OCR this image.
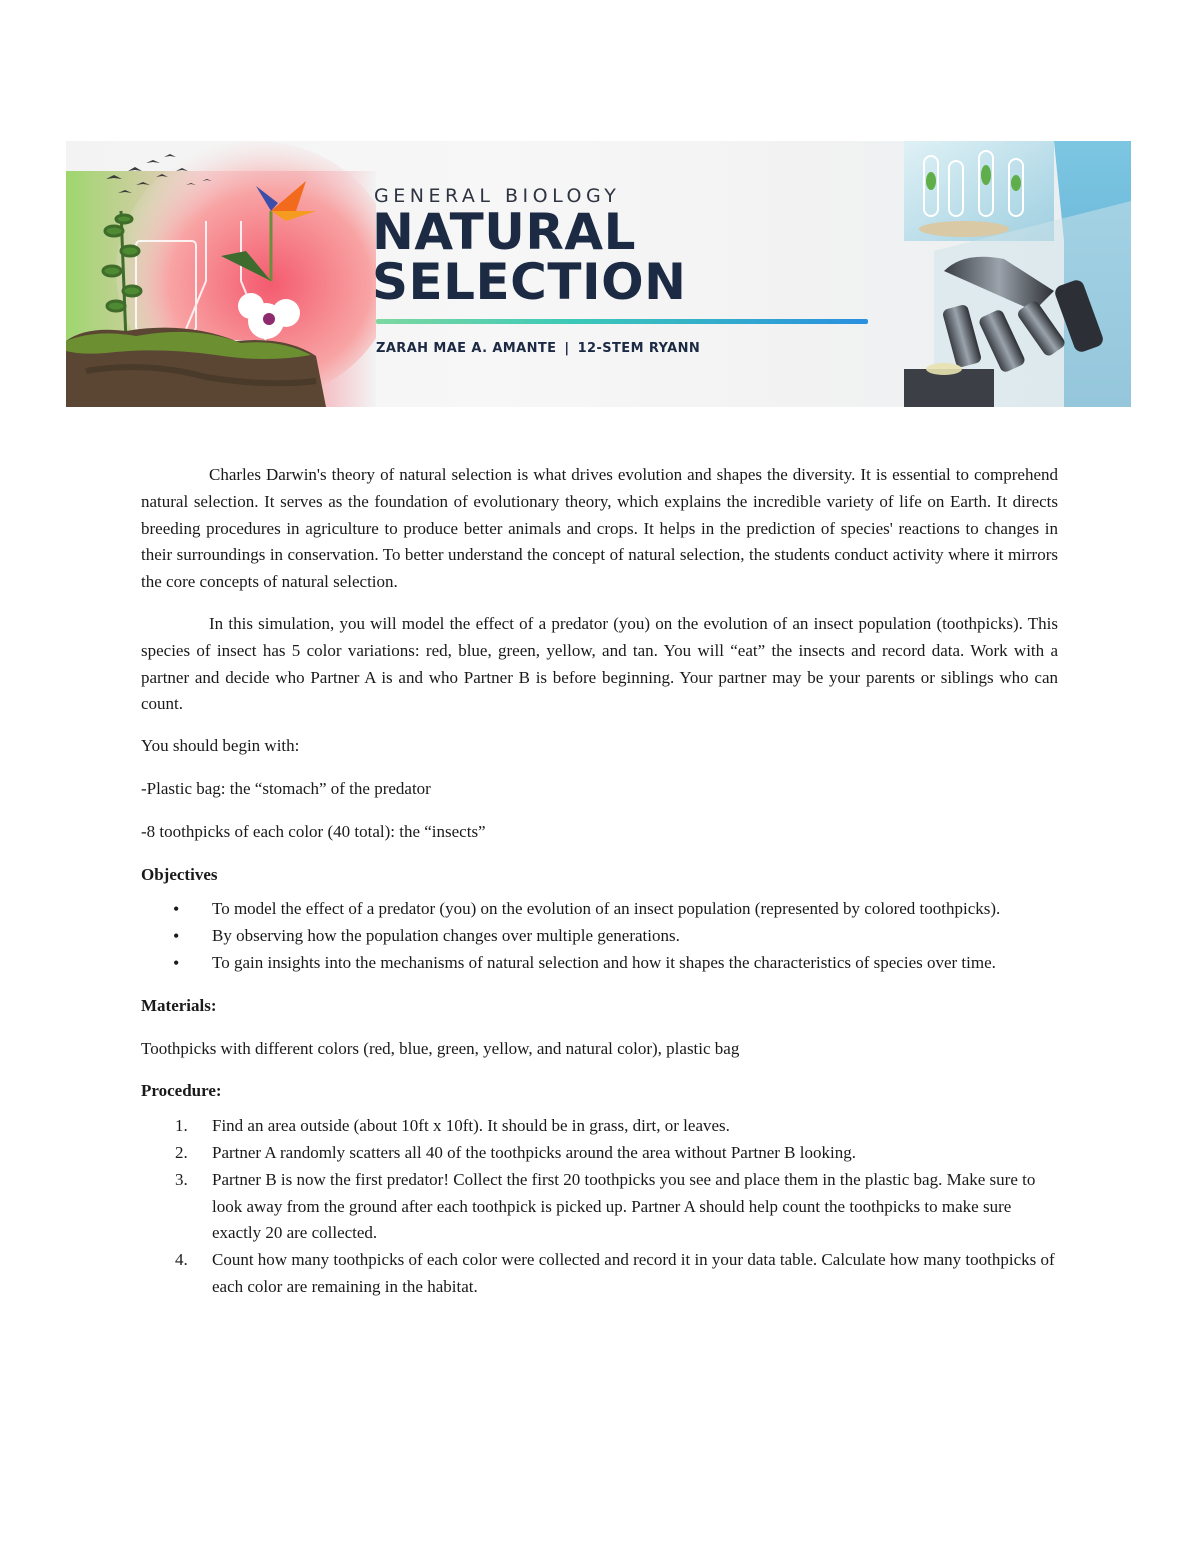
GENERAL BIOLOGY
NATURAL
SELECTION
ZARAH MAE A. AMANTE | 12-STEM RYANN

Charles Darwin's theory of natural selection is what drives evolution and shapes the diversity. It is essential to comprehend natural selection. It serves as the foundation of evolutionary theory, which explains the incredible variety of life on Earth. It directs breeding procedures in agriculture to produce better animals and crops. It helps in the prediction of species' reactions to changes in their surroundings in conservation. To better understand the concept of natural selection, the students conduct activity where it mirrors the core concepts of natural selection.

In this simulation, you will model the effect of a predator (you) on the evolution of an insect population (toothpicks). This species of insect has 5 color variations: red, blue, green, yellow, and tan. You will “eat” the insects and record data. Work with a partner and decide who Partner A is and who Partner B is before beginning. Your partner may be your parents or siblings who can count.

You should begin with:

-Plastic bag: the “stomach” of the predator

-8 toothpicks of each color (40 total): the “insects”

Objectives
• To model the effect of a predator (you) on the evolution of an insect population (represented by colored toothpicks).
• By observing how the population changes over multiple generations.
• To gain insights into the mechanisms of natural selection and how it shapes the characteristics of species over time.
Materials:

Toothpicks with different colors (red, blue, green, yellow, and natural color), plastic bag

Procedure:
1. Find an area outside (about 10ft x 10ft). It should be in grass, dirt, or leaves.
2. Partner A randomly scatters all 40 of the toothpicks around the area without Partner B looking.
3. Partner B is now the first predator! Collect the first 20 toothpicks you see and place them in the plastic bag. Make sure to look away from the ground after each toothpick is picked up. Partner A should help count the toothpicks to make sure exactly 20 are collected.
4. Count how many toothpicks of each color were collected and record it in your data table. Calculate how many toothpicks of each color are remaining in the habitat.
